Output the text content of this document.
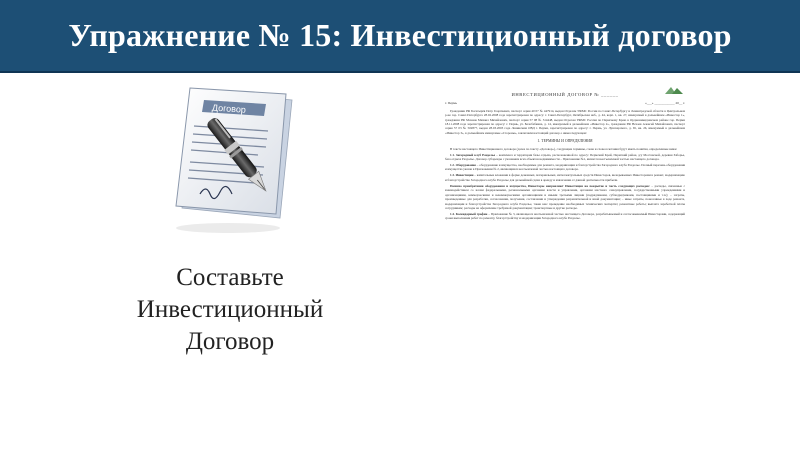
Упражнение № 15: Инвестиционный договор
Договор
Составьте
Инвестиционный
Договор
ИНВЕСТИЦИОННЫЙ ДОГОВОР № ______
г. Пермь	«___» ____________ 20__ г.

Гражданин РФ Богатырёв Петр Георгиевич, паспорт серия 40 07 № 447914, выдан Отделом УФМС России по Санкт-Петербургу и Ленинградской области в Центральном р-не гор. Санкт-Петербурга 28.02.2008 года зарегистрирован по адресу: г. Санкт-Петербург, Октябрьская наб., д. 44, корп. 1, кв. 27, именуемый в дальнейшем «Инвестор 1», гражданин РФ Мохнов Михаил Михайлович, паспорт серия 57 08 № 314448, выдан Отделом УФМС России по Пермскому Краю в Орджоникидзевском районе гор. Перми 18.11.2008 года зарегистрирован по адресу: г. Пермь, ул. Белобабкина, д. 14, именуемый в дальнейшем «Инвестор 2», гражданин РФ Нечаев Алексей Михайлович, паспорт серия 57 03 № 502877, выдан 28.03.2003 года Ленинским ОВД г. Перми, зарегистрирован по адресу: г. Пермь, ул. Луначарского, д. 65, кв. 26, именуемый в дальнейшем «Инвестор 3», в дальнейшем именуемые «Стороны», заключили настоящий договор о нижеследующем:

1. ТЕРМИНЫ И ОПРЕДЕЛЕНИЯ

В тексте настоящего Инвестиционного договора (далее по тексту «Договор»), следующие термины, слова и словосочетания будут иметь понятия, определенные ниже:

1.1. Загородный клуб Раздолье – комплекса и территория базы отдыха, расположенной по адресу: Пермский Край, Пермский район, д/у Мостовской, деревня Заборье, база отдыха Раздолье. Договор субаренды с указанием всех объектов недвижимости – Приложение №1, является неотъемлемой частью настоящего договора.

1.2. Оборудование – оборудование и имущество, необходимые для ремонта, модернизации и благоустройства Загородного клуба Раздолье. Полный перечень оборудования и имущества указан в Приложении № 2, являющимся неотъемлемой частью настоящего договора.

1.3. Инвестиции – капитальные вложения в форме денежных, материальных, интеллектуальных средств Инвесторов, вкладываемых Инвесторами в ремонт, модернизацию и благоустройство Загородного клуба Раздолье для дальнейшей сдачи в аренду и извлечения от данной деятельности прибыли.

Помимо приобретения оборудования и имущества, Инвесторы направляют Инвестиции на покрытие и часть следующих расходов: – расходы, связанные с взаимодействием со всеми федеральными, региональными органами власти и управления, органами местного самоуправления, государственными учреждениями и организациями, коммерческими и некоммерческими организациями и иными третьими лицами (подрядчиками, субподрядчиками, поставщиками и т.п.); – затраты, произведенные для разработки, согласования, получения, составления и утверждения разрешительной и иной документации; – иные затраты, понесенные в ходе ремонта, модернизации и благоустройства Загородного клуба Раздолье, такие как: проведение необходимых технических экспертиз; ремонтные работы; выплата заработной платы сотрудникам; расходы на оформление требуемой документации; транспортные и другие расходы.

1.4. Календарный график – Приложение № 3, являющееся неотъемлемой частью настоящего Договора, разрабатываемый и согласовываемый Инвесторами, содержащий сроки выполнения работ по ремонту, благоустройству и модернизации Загородного клуба Раздолье.
